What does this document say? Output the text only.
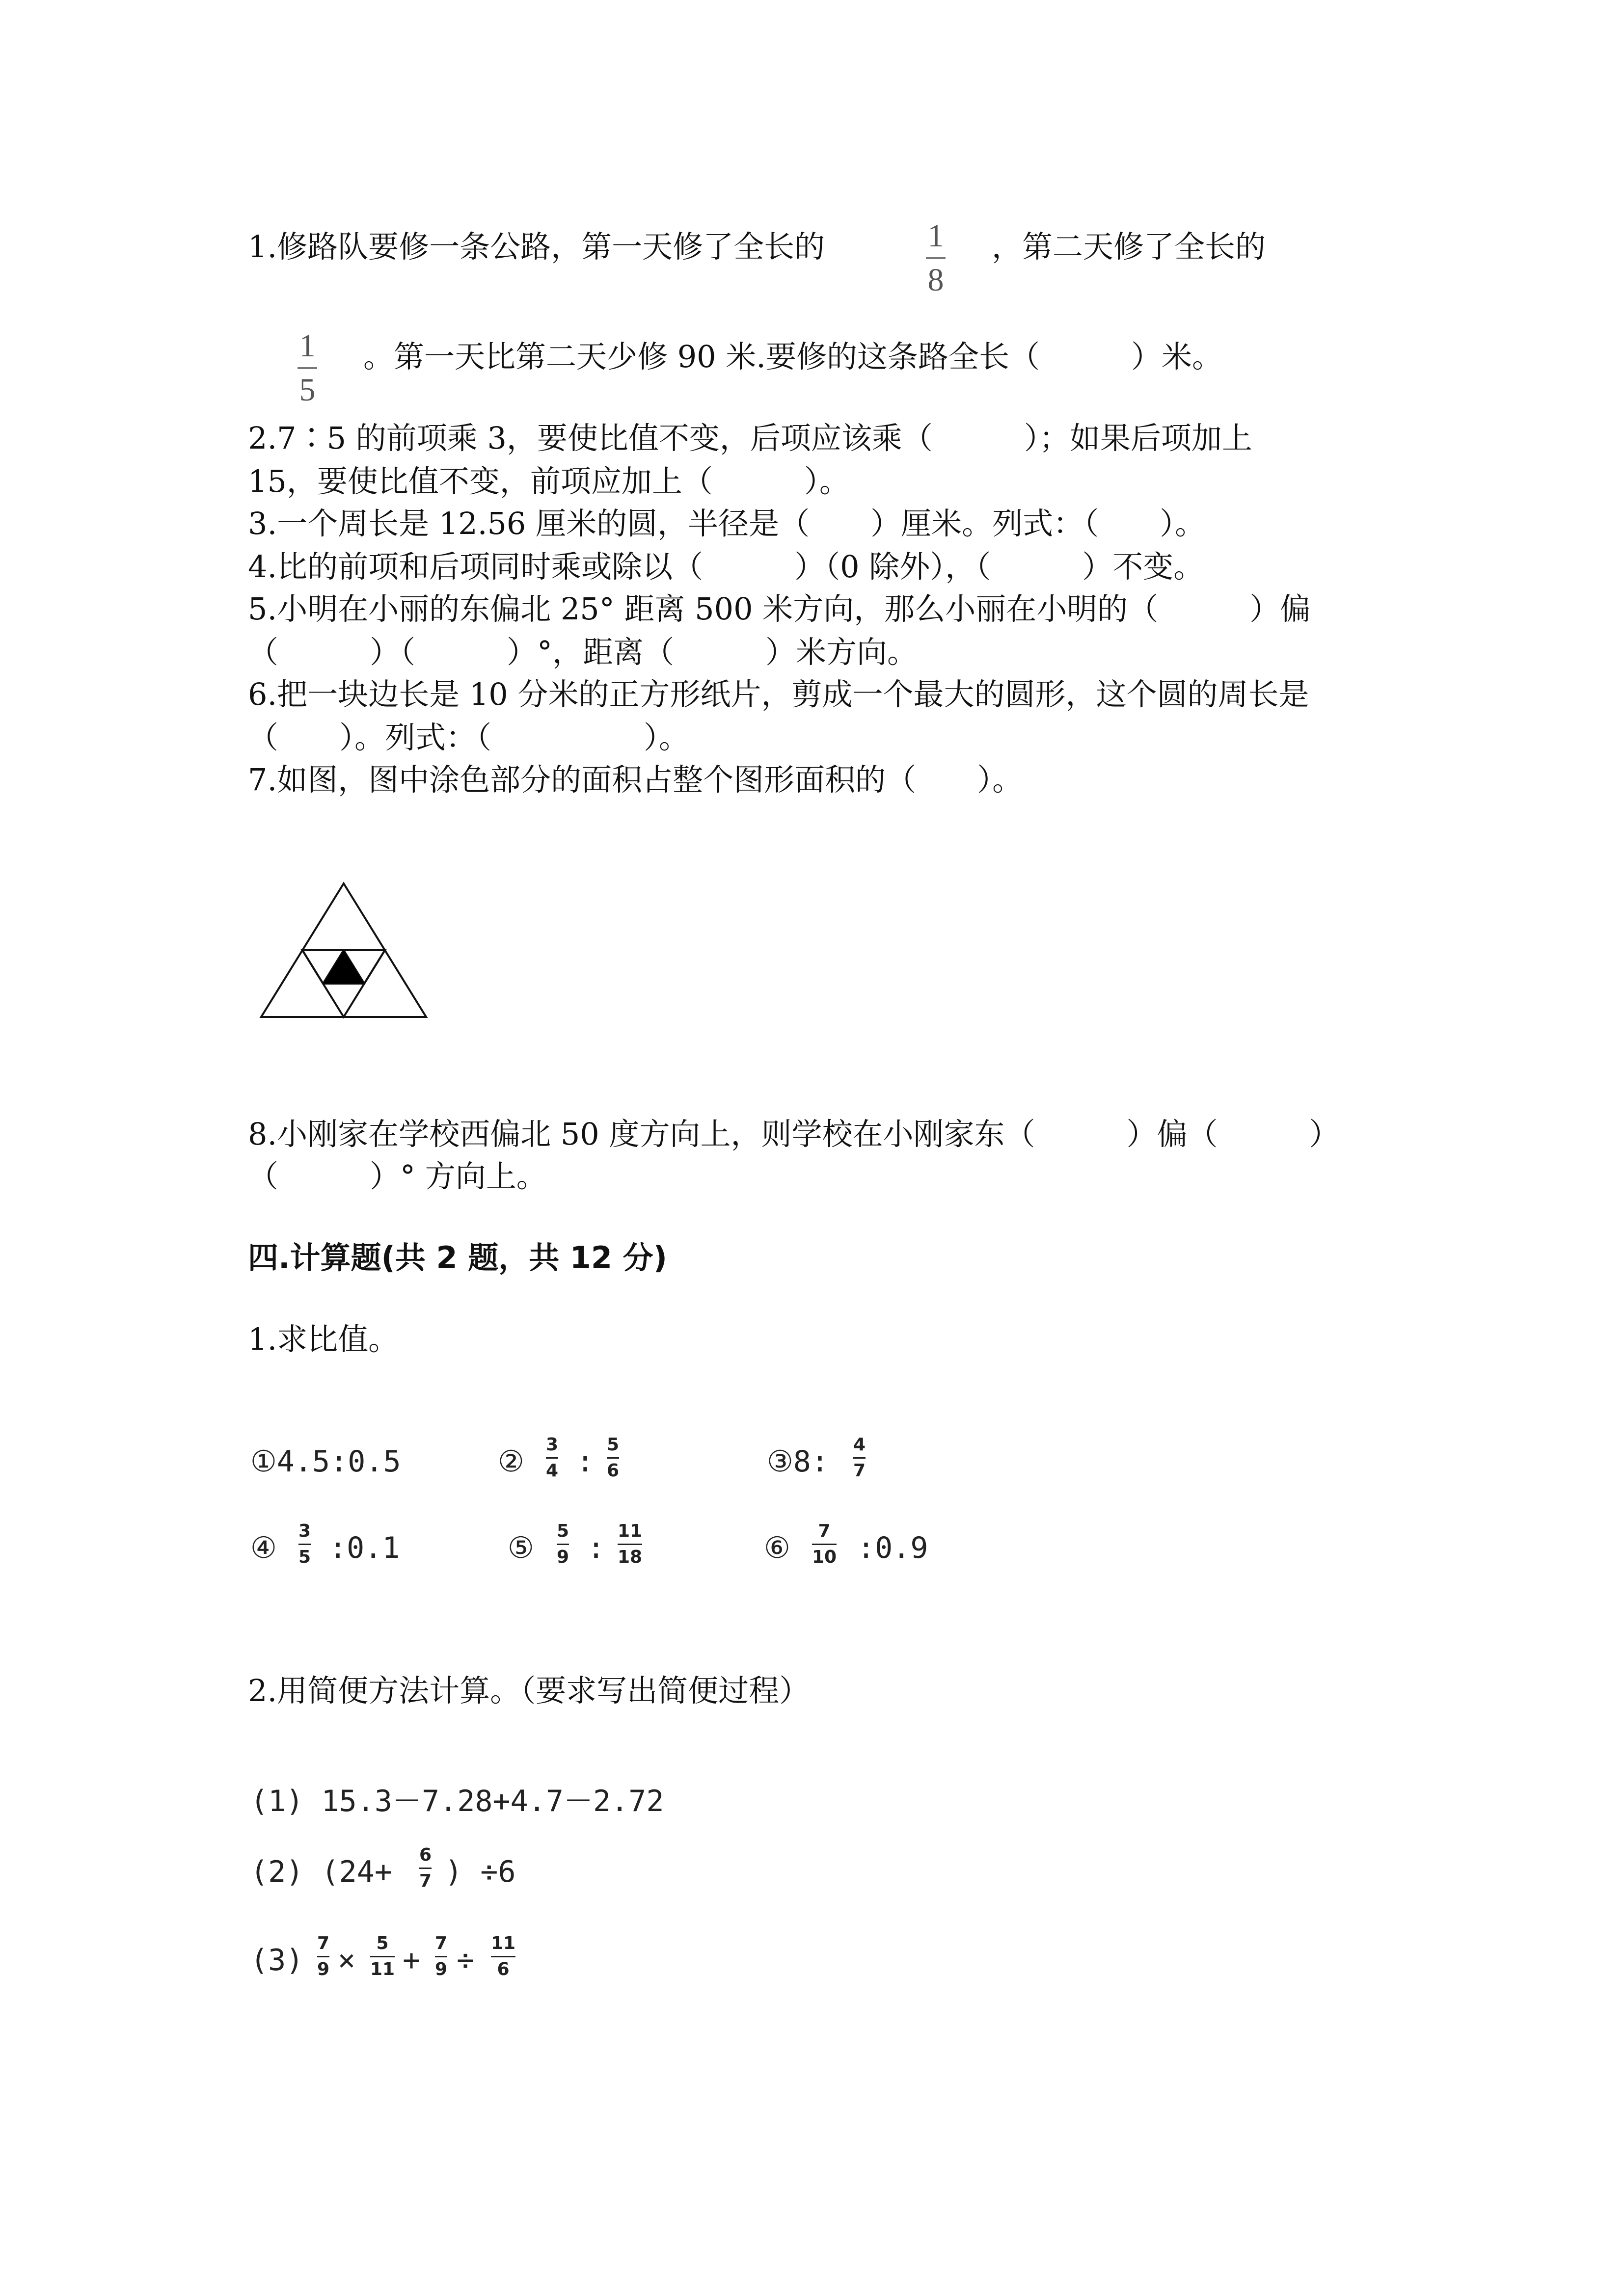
1.修路队要修一条公路，第一天修了全长的	1
8
，第二天修了全长的
1
5
。第一天比第二天少修 90 米.要修的这条路全长（　　　）米。
2.7∶5 的前项乘 3，要使比值不变，后项应该乘（　　　）；如果后项加上
15，要使比值不变，前项应加上（　　　）。
3.一个周长是 12.56 厘米的圆，半径是（　　）厘米。列式：（　　）。
4.比的前项和后项同时乘或除以（　　　）（0 除外），（　　　）不变。
5.小明在小丽的东偏北 25° 距离 500 米方向，那么小丽在小明的（　　　）偏
（　　　）（　　　）°，距离（　　　）米方向。
6.把一块边长是 10 分米的正方形纸片，剪成一个最大的圆形，这个圆的周长是
（　　）。列式：（　　　　　）。
7.如图，图中涂色部分的面积占整个图形面积的（　　）。
8.小刚家在学校西偏北 50 度方向上，则学校在小刚家东（　　　）偏（　　　）
（　　　）° 方向上。
四.计算题(共 2 题，共 12 分)
1.求比值。
①4.5:0.5	② 3
4 : 5
6	③8: 4
7
④ 3
5 :0.1	⑤ 5
9 : 11
18	⑥ 7
10 :0.9
2.用简便方法计算。（要求写出简便过程）
(1) 15.3－7.28+4.7－2.72
(2) (24+ 6
7 ) ÷6
(3) 7
9 × 5
11 + 7
9 ÷ 11
6
